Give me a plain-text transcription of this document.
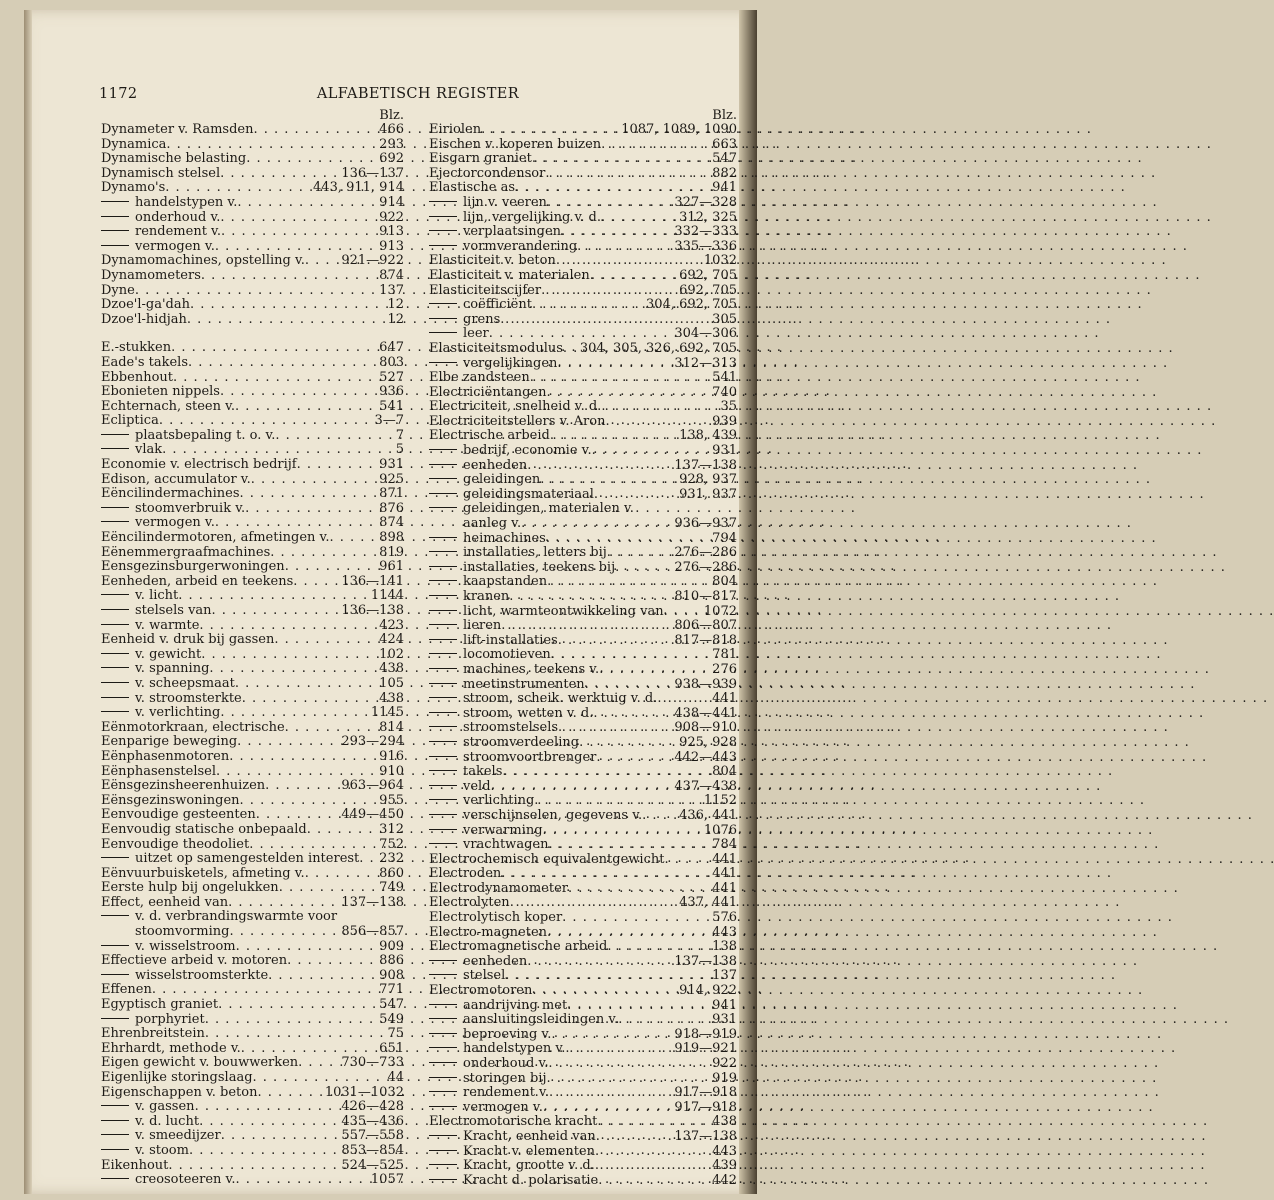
1172	ALFABETISCH REGISTER
Blz.
Dynameter v. Ramsden . . .	466
Dynamica . . .	293
Dynamische belasting . . .	692
Dynamisch stelsel . . .	136—137
Dynamo's . . .	443, 911, 914
handelstypen v. . . .	914
onderhoud v. . . .	922
rendement v. . . .	913
vermogen v. . . .	913
Dynamomachines, opstelling v. . . .	921—922
Dynamometers . . .	874
Dyne . . .	137
Dzoe'l-ga'dah . . .	12
Dzoe'l-hidjah . . .	12
E.-stukken . . .	647
Eade's takels . . .	803
Ebbenhout . . .	527
Ebonieten nippels . . .	936
Echternach, steen v. . . .	541
Ecliptica . . .	3—7
plaatsbepaling t. o. v. . . .	7
vlak . . .	5
Economie v. electrisch bedrijf . . .	931
Edison, accumulator v. . . .	925
Eëncilindermachines . . .	871
stoomverbruik v. . . .	876
vermogen v. . . .	874
Eëncilindermotoren, afmetingen v. . . .	898
Eënemmergraafmachines . . .	819
Eensgezinsburgerwoningen . . .	961
Eenheden, arbeid en teekens . . .	136—141
v. licht . . .	1144
stelsels van . . .	136—138
v. warmte . . .	423
Eenheid v. druk bij gassen . . .	424
v. gewicht . . .	102
v. spanning . . .	438
v. scheepsmaat . . .	105
v. stroomsterkte . . .	438
v. verlichting . . .	1145
Eënmotorkraan, electrische . . .	814
Eenparige beweging . . .	293—294
Eënphasenmotoren . . .	916
Eënphasenstelsel . . .	910
Eënsgezinsheerenhuizen . . .	963—964
Eënsgezinswoningen . . .	955
Eenvoudige gesteenten . . .	449—450
Eenvoudig statische onbepaald . . .	312
Eenvoudige theodoliet . . .	752
uitzet op samengestelden interest . . . 232
Eënvuurbuisketels, afmeting v. . . .	860
Eerste hulp bij ongelukken . . .	749
Effect, eenheid van . . .	137—138
v. d. verbrandingswarmte voor
stoomvorming . . .	856—857
v. wisselstroom . . .	909
Effectieve arbeid v. motoren . . .	886
wisselstroomsterkte . . .	908
Effenen . . .	771
Egyptisch graniet . . .	547
porphyriet . . .	549
Ehrenbreitstein . . .	75
Ehrhardt, methode v. . . .	651
Eigen gewicht v. bouwwerken . . .	730—733
Eigenlijke storingslaag . . .	44
Eigenschappen v. beton . . .	1031—1032
v. gassen . . .	426—428
v. d. lucht . . .	435—436
v. smeedijzer . . .	557—558
v. stoom . . .	853—854
Eikenhout . . .	524—525
creosoteeren v. . . .	1057
Blz.
Eiriolen . . .	1087, 1089, 1090
Eischen v. koperen buizen . . .	663
Eisgarn graniet . . .	547
Ejectorcondensor . . .	882
Elastische as . . .	941
lijn v. veeren . . .	327—328
lijn, vergelijking v. d. . . .	312, 325
verplaatsingen . . .	332—333
vormverandering . . .	335—336
Elasticiteit v. beton . . .	1032
Elasticiteit v. materialen . . .	692, 705
Elasticiteitscijfer . . .	692, 705
coëfficiënt . . .	304, 692, 705
grens . . .	305
leer . . .	304—306
Elasticiteitsmodulus . . . 304, 305, 326, 692, 705
vergelijkingen . . .	312—313
Elbe zandsteen . . .	541
Electriciëntangen . . .	740
Electriciteit, snelheid v. d. . . .	35
Electriciteitstellers v. Aron . . .	939
Electrische arbeid . . .	138, 439
bedrijf, economie v. . . .	931
eenheden . . .	137—138
geleidingen . . .	928, 937
geleidingsmateriaal . . .	931, 937
geleidingen, materialen v.
aanleg v. . . .	936—937
heimachines . . .	794
installaties, letters bij . . .	276—286
installaties, teekens bij . . .	276—286
kaapstanden . . .	804
kranen . . .	810—817
licht, warmteontwikkeling van . . .	1072
lieren . . .	806—807
lift-installaties . . .	817—818
locomotieven . . .	781
machines, teekens v. . . .	276
meetinstrumenten . . .	938—939
stroom, scheik. werktuig v. d. . . .	441
stroom, wetten v. d. . . .	438—441
stroomstelsels . . .	908—910
stroomverdeeling . . .	925, 928
stroomvoortbrenger . . .	442—443
takels . . .	804
veld . . .	437—438
verlichting . . .	1152
verschijnselen, gegevens v. . . .	436, 441
verwarming . . .	1076
vrachtwagen . . .	784
Electrochemisch equivalentgewicht . . .	441
Electroden . . .	441
Electrodynamometer . . .	441
Electrolyten . . .	437, 441
Electrolytisch koper . . .	576
Electro-magneten . . .	443
Electromagnetische arbeid . . .	138
eenheden . . .	137—138
stelsel . . .	137
Electromotoren . . .	914, 922
aandrijving met . . .	941
aansluitingsleidingen v. . . .	931
beproeving v. . . .	918—919
handelstypen v. . . .	919—921
onderhoud v. . . .	922
storingen bij . . .	919
rendement v. . . .	917—918
vermogen v. . . .	917—918
Electromotorische kracht . . .	438
Kracht, eenheid van . . .	137—138
Kracht v. elementen . . .	443
Kracht, grootte v. d. . . .	439
Kracht d. polarisatie . . .	442
